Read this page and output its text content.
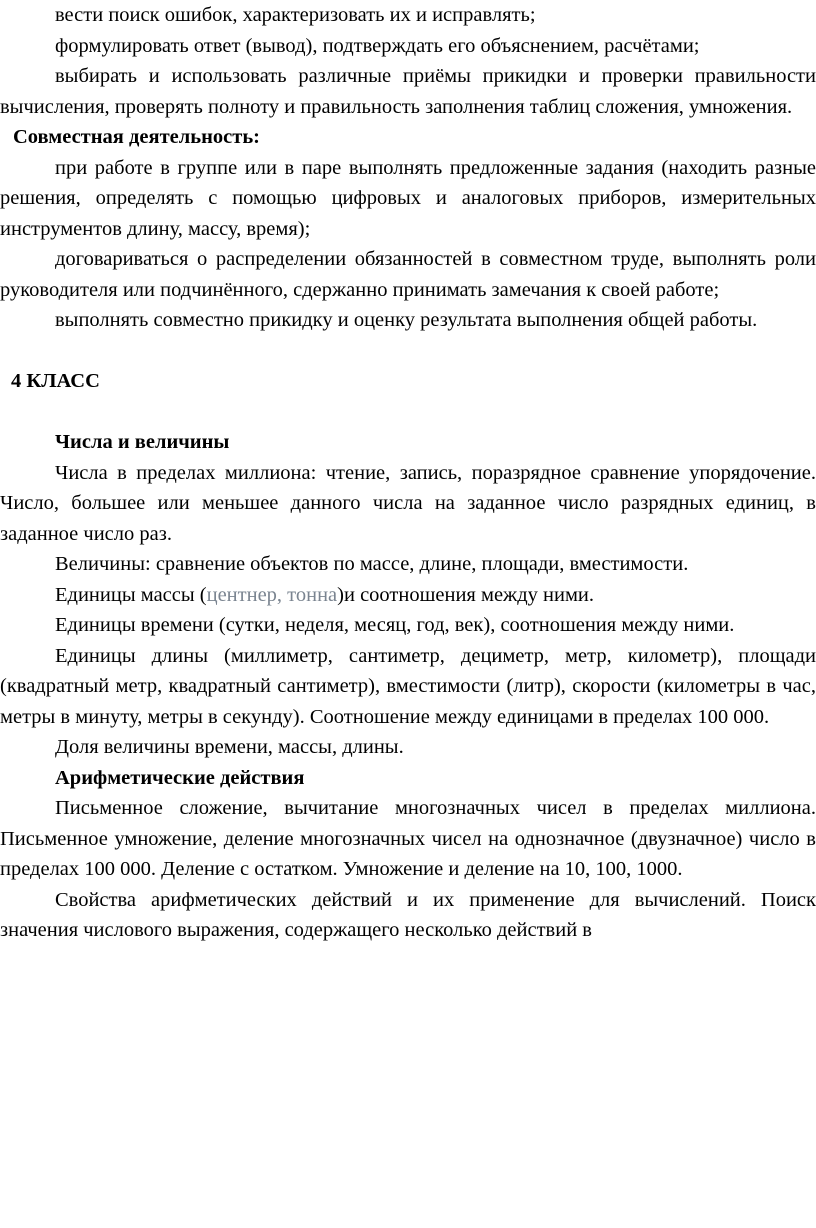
вести поиск ошибок, характеризовать их и исправлять;

формулировать ответ (вывод), подтверждать его объяснением, расчётами;

выбирать и использовать различные приёмы прикидки и проверки правильности вычисления, проверять полноту и правильность заполнения таблиц сложения, умножения.

Совместная деятельность:

при работе в группе или в паре выполнять предложенные задания (находить разные решения, определять с помощью цифровых и аналоговых приборов, измерительных инструментов длину, массу, время);

договариваться о распределении обязанностей в совместном труде, выполнять роли руководителя или подчинённого, сдержанно принимать замечания к своей работе;

выполнять совместно прикидку и оценку результата выполнения общей работы.

4 КЛАСС

Числа и величины

Числа в пределах миллиона: чтение, запись, поразрядное сравнение упорядочение. Число, большее или меньшее данного числа на заданное число разрядных единиц, в заданное число раз.

Величины: сравнение объектов по массе, длине, площади, вместимости.

Единицы массы (центнер, тонна)и соотношения между ними.

Единицы времени (сутки, неделя, месяц, год, век), соотношения между ними.

Единицы длины (миллиметр, сантиметр, дециметр, метр, километр), площади (квадратный метр, квадратный сантиметр), вместимости (литр), скорости (километры в час, метры в минуту, метры в секунду). Соотношение между единицами в пределах 100 000.

Доля величины времени, массы, длины.

Арифметические действия

Письменное сложение, вычитание многозначных чисел в пределах миллиона. Письменное умножение, деление многозначных чисел на однозначное (двузначное) число в пределах 100 000. Деление с остатком. Умножение и деление на 10, 100, 1000.

Свойства арифметических действий и их применение для вычислений. Поиск значения числового выражения, содержащего несколько действий в
